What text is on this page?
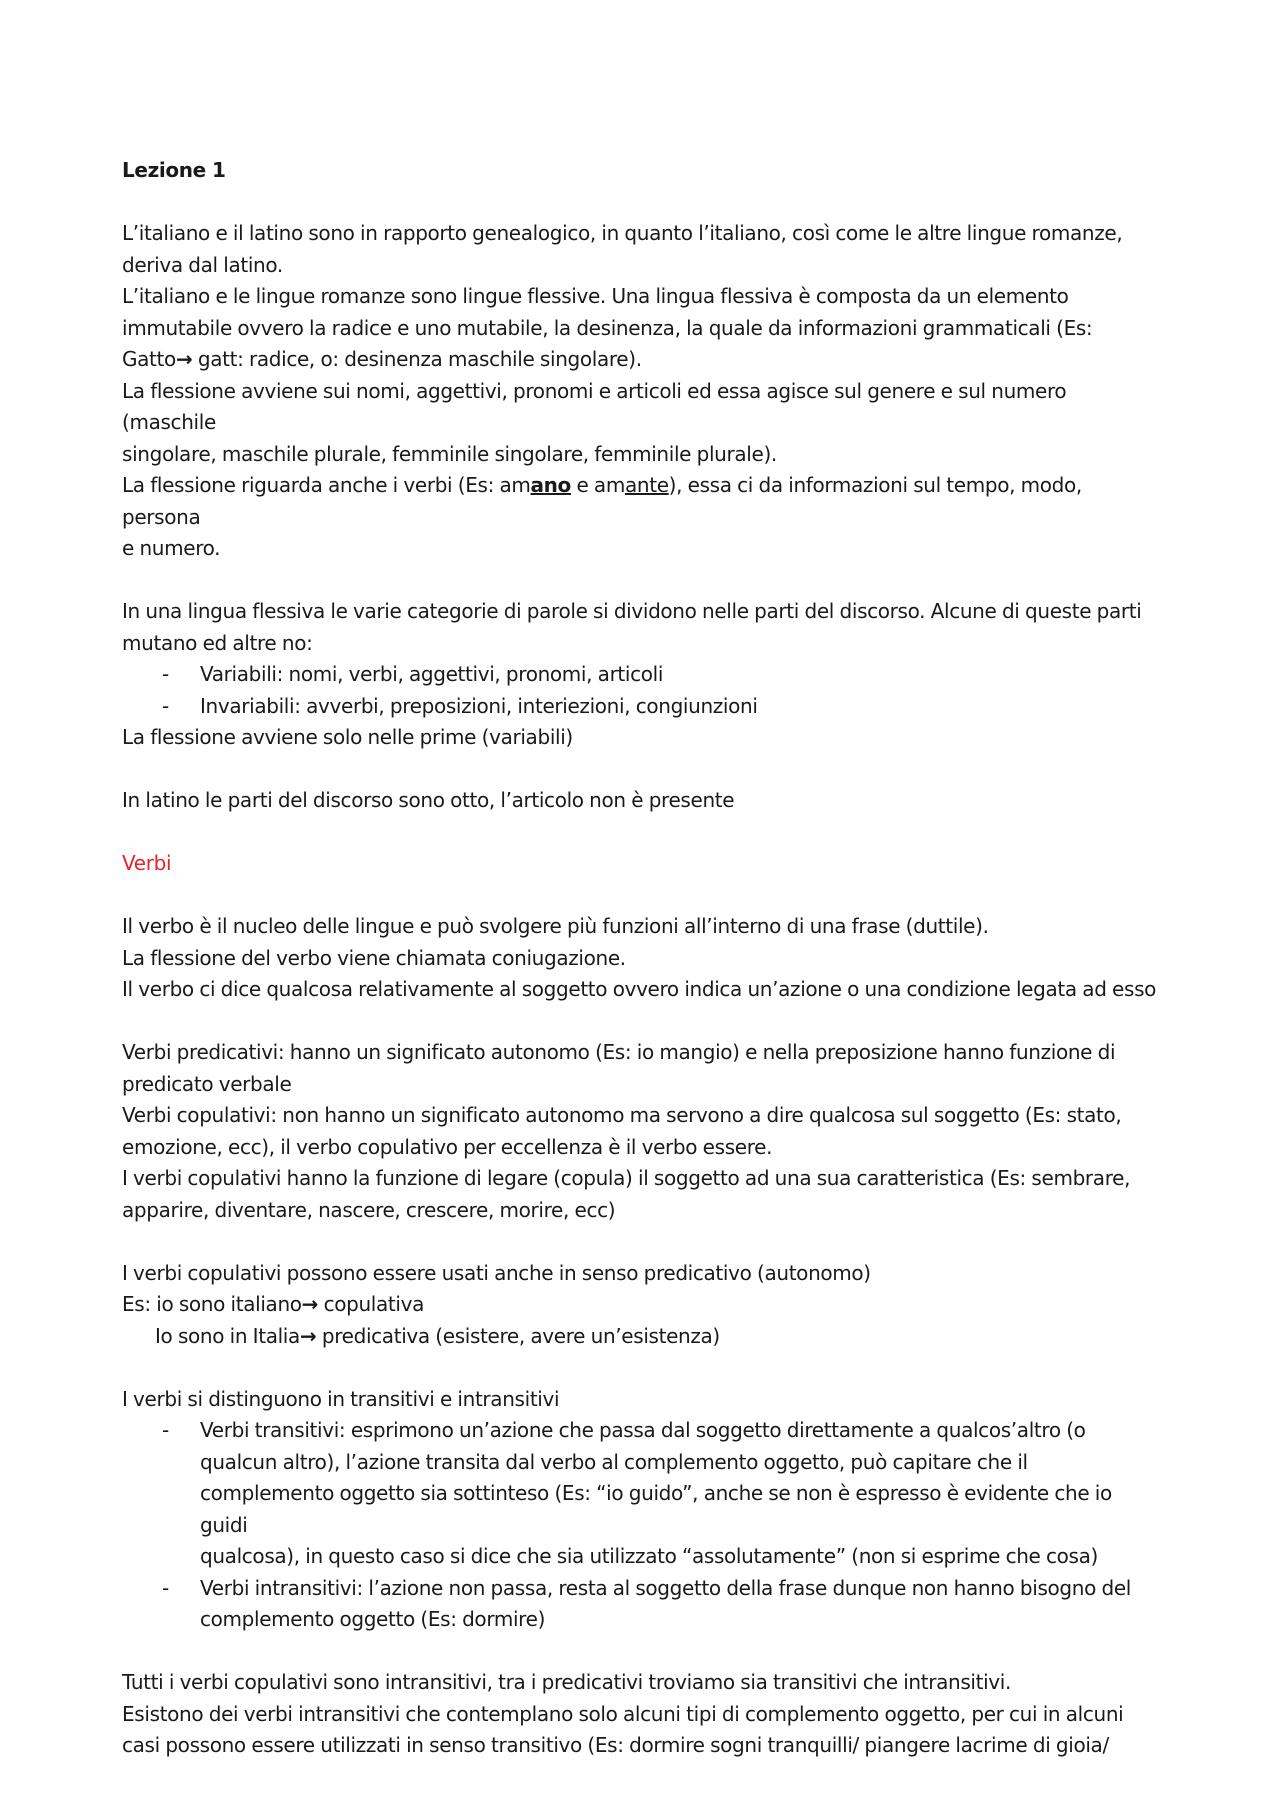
Lezione 1

L’italiano e il latino sono in rapporto genealogico, in quanto l’italiano, così come le altre lingue romanze,

deriva dal latino.

L’italiano e le lingue romanze sono lingue flessive. Una lingua flessiva è composta da un elemento

immutabile ovvero la radice e uno mutabile, la desinenza, la quale da informazioni grammaticali (Es:

Gatto→ gatt: radice, o: desinenza maschile singolare).

La flessione avviene sui nomi, aggettivi, pronomi e articoli ed essa agisce sul genere e sul numero (maschile

singolare, maschile plurale, femminile singolare, femminile plurale).

La flessione riguarda anche i verbi (Es: amano e amante), essa ci da informazioni sul tempo, modo, persona

e numero.

In una lingua flessiva le varie categorie di parole si dividono nelle parti del discorso. Alcune di queste parti

mutano ed altre no:

- Variabili: nomi, verbi, aggettivi, pronomi, articoli
- Invariabili: avverbi, preposizioni, interiezioni, congiunzioni

La flessione avviene solo nelle prime (variabili)

In latino le parti del discorso sono otto, l’articolo non è presente

Verbi

Il verbo è il nucleo delle lingue e può svolgere più funzioni all’interno di una frase (duttile).

La flessione del verbo viene chiamata coniugazione.

Il verbo ci dice qualcosa relativamente al soggetto ovvero indica un’azione o una condizione legata ad esso

Verbi predicativi: hanno un significato autonomo (Es: io mangio) e nella preposizione hanno funzione di

predicato verbale

Verbi copulativi: non hanno un significato autonomo ma servono a dire qualcosa sul soggetto (Es: stato,

emozione, ecc), il verbo copulativo per eccellenza è il verbo essere.

I verbi copulativi hanno la funzione di legare (copula) il soggetto ad una sua caratteristica (Es: sembrare,

apparire, diventare, nascere, crescere, morire, ecc)

I verbi copulativi possono essere usati anche in senso predicativo (autonomo)

Es: io sono italiano→ copulativa

Io sono in Italia→ predicativa (esistere, avere un’esistenza)

I verbi si distinguono in transitivi e intransitivi

- Verbi transitivi: esprimono un’azione che passa dal soggetto direttamente a qualcos’altro (o
qualcun altro), l’azione transita dal verbo al complemento oggetto, può capitare che il
complemento oggetto sia sottinteso (Es: “io guido”, anche se non è espresso è evidente che io guidi
qualcosa), in questo caso si dice che sia utilizzato “assolutamente” (non si esprime che cosa)
- Verbi intransitivi: l’azione non passa, resta al soggetto della frase dunque non hanno bisogno del
complemento oggetto (Es: dormire)

Tutti i verbi copulativi sono intransitivi, tra i predicativi troviamo sia transitivi che intransitivi.

Esistono dei verbi intransitivi che contemplano solo alcuni tipi di complemento oggetto, per cui in alcuni

casi possono essere utilizzati in senso transitivo (Es: dormire sogni tranquilli/ piangere lacrime di gioia/
